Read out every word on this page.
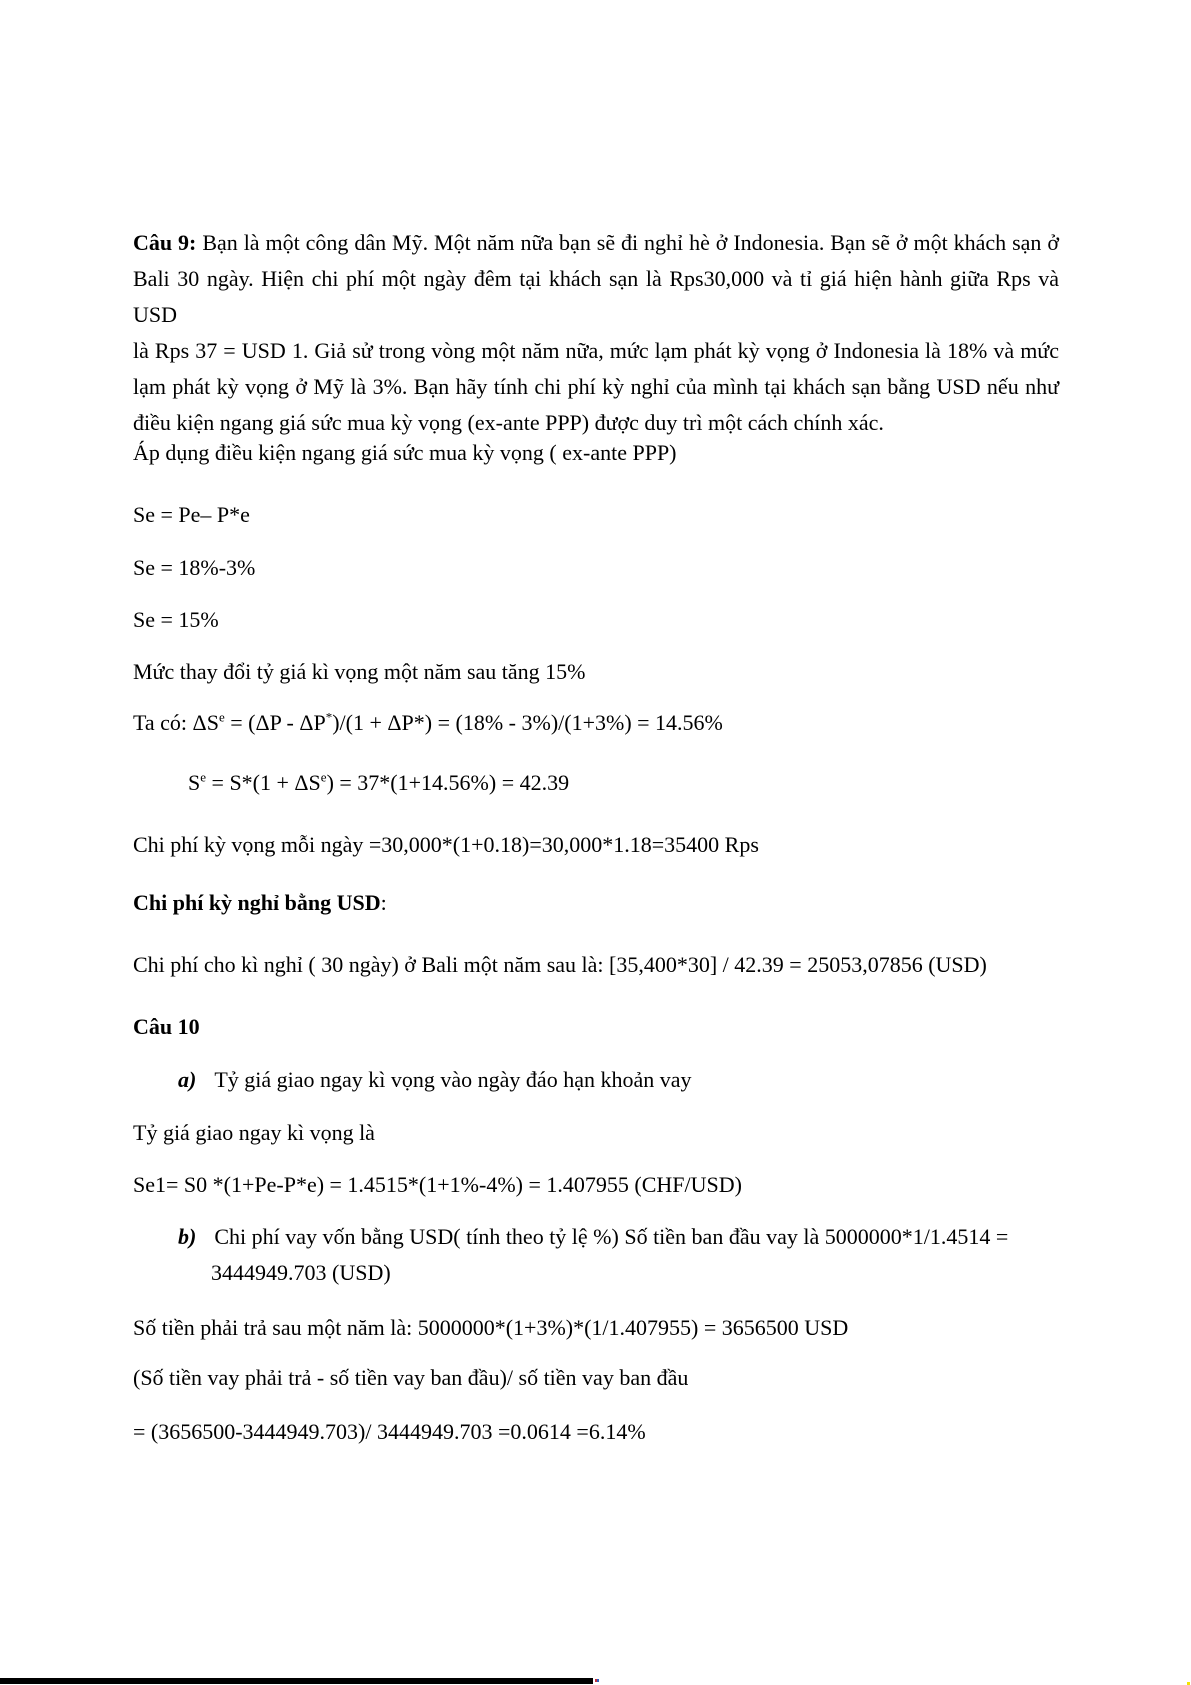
Câu 9: Bạn là một công dân Mỹ. Một năm nữa bạn sẽ đi nghỉ hè ở Indonesia. Bạn sẽ ở một khách sạn ở
Bali 30 ngày. Hiện chi phí một ngày đêm tại khách sạn là Rps30,000 và tỉ giá hiện hành giữa Rps và USD
là Rps 37 = USD 1. Giả sử trong vòng một năm nữa, mức lạm phát kỳ vọng ở Indonesia là 18% và mức
lạm phát kỳ vọng ở Mỹ là 3%. Bạn hãy tính chi phí kỳ nghỉ của mình tại khách sạn bằng USD nếu như
điều kiện ngang giá sức mua kỳ vọng (ex-ante PPP) được duy trì một cách chính xác.
Áp dụng điều kiện ngang giá sức mua kỳ vọng ( ex-ante PPP)
Se = Pe– P*e
Se = 18%-3%
Se = 15%
Mức thay đổi tỷ giá kì vọng một năm sau tăng 15%
Ta có: $\Delta S^e = (\Delta P - \Delta P^*)/(1 + \Delta P*) = (18\% - 3\%)/(1+3\%) = 14.56\%$
$S^e = S*(1 + \Delta S^e) = 37*(1+14.56\%) = 42.39$
Chi phí kỳ vọng mỗi ngày =30,000*(1+0.18)=30,000*1.18=35400 Rps
Chi phí kỳ nghỉ bằng USD:
Chi phí cho kì nghỉ ( 30 ngày) ở Bali một năm sau là: [35,400*30] / 42.39 = 25053,07856 (USD)
Câu 10
a) Tỷ giá giao ngay kì vọng vào ngày đáo hạn khoản vay
Tỷ giá giao ngay kì vọng là
Se1= S0 *(1+Pe-P*e) = 1.4515*(1+1%-4%) = 1.407955 (CHF/USD)
b) Chi phí vay vốn bằng USD( tính theo tỷ lệ %) Số tiền ban đầu vay là 5000000*1/1.4514 =
3444949.703 (USD)
Số tiền phải trả sau một năm là: 5000000*(1+3%)*(1/1.407955) = 3656500 USD
(Số tiền vay phải trả - số tiền vay ban đầu)/ số tiền vay ban đầu
= (3656500-3444949.703)/ 3444949.703 =0.0614 =6.14%
